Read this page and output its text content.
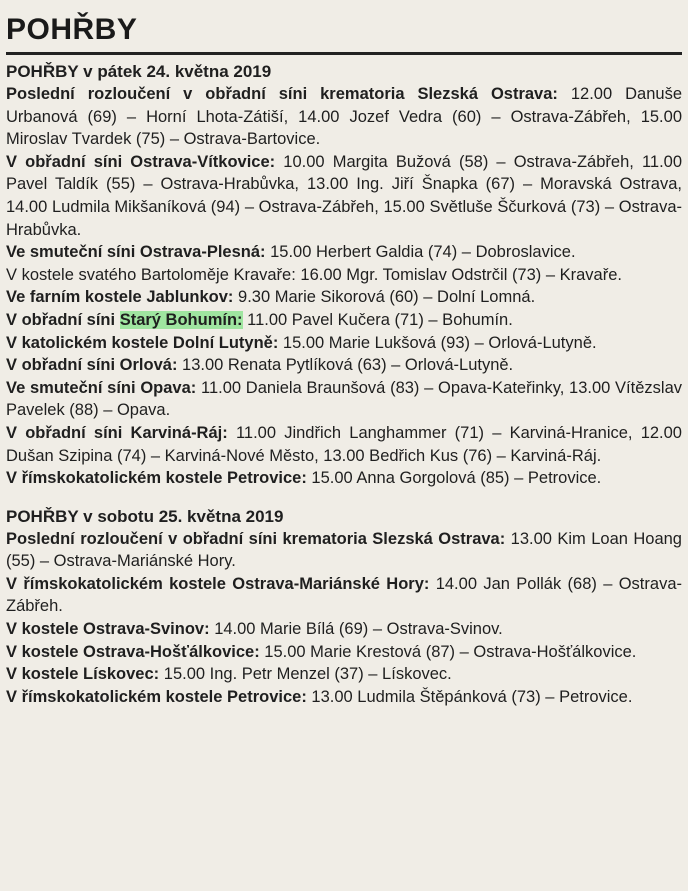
POHŘBY

POHŘBY v pátek 24. května 2019

Poslední rozloučení v obřadní síni krematoria Slezská Ostrava: 12.00 Danuše Urbanová (69) – Horní Lhota-Zátiší, 14.00 Jozef Vedra (60) – Ostrava-Zábřeh, 15.00 Miroslav Tvardek (75) – Ostrava-Bartovice.

V obřadní síni Ostrava-Vítkovice: 10.00 Margita Bužová (58) – Ostrava-Zábřeh, 11.00 Pavel Taldík (55) – Ostrava-Hrabůvka, 13.00 Ing. Jiří Šnapka (67) – Moravská Ostrava, 14.00 Ludmila Mikšaníková (94) – Ostrava-Zábřeh, 15.00 Světluše Ščurková (73) – Ostrava-Hrabůvka.

Ve smuteční síni Ostrava-Plesná: 15.00 Herbert Galdia (74) – Dobroslavice.

V kostele svatého Bartoloměje Kravaře: 16.00 Mgr. Tomislav Odstrčil (73) – Kravaře.

Ve farním kostele Jablunkov: 9.30 Marie Sikorová (60) – Dolní Lomná.

V obřadní síni Starý Bohumín: 11.00 Pavel Kučera (71) – Bohumín.

V katolickém kostele Dolní Lutyně: 15.00 Marie Lukšová (93) – Orlová-Lutyně.

V obřadní síni Orlová: 13.00 Renata Pytlíková (63) – Orlová-Lutyně.

Ve smuteční síni Opava: 11.00 Daniela Braunšová (83) – Opava-Kateřinky, 13.00 Vítězslav Pavelek (88) – Opava.

V obřadní síni Karviná-Ráj: 11.00 Jindřich Langhammer (71) – Karviná-Hranice, 12.00 Dušan Szipina (74) – Karviná-Nové Město, 13.00 Bedřich Kus (76) – Karviná-Ráj.

V římskokatolickém kostele Petrovice: 15.00 Anna Gorgolová (85) – Petrovice.

POHŘBY v sobotu 25. května 2019

Poslední rozloučení v obřadní síni krematoria Slezská Ostrava: 13.00 Kim Loan Hoang (55) – Ostrava-Mariánské Hory.

V římskokatolickém kostele Ostrava-Mariánské Hory: 14.00 Jan Pollák (68) – Ostrava-Zábřeh.

V kostele Ostrava-Svinov: 14.00 Marie Bílá (69) – Ostrava-Svinov.

V kostele Ostrava-Hošťálkovice: 15.00 Marie Krestová (87) – Ostrava-Hošťálkovice.

V kostele Lískovec: 15.00 Ing. Petr Menzel (37) – Lískovec.

V římskokatolickém kostele Petrovice: 13.00 Ludmila Štěpánková (73) – Petrovice.
